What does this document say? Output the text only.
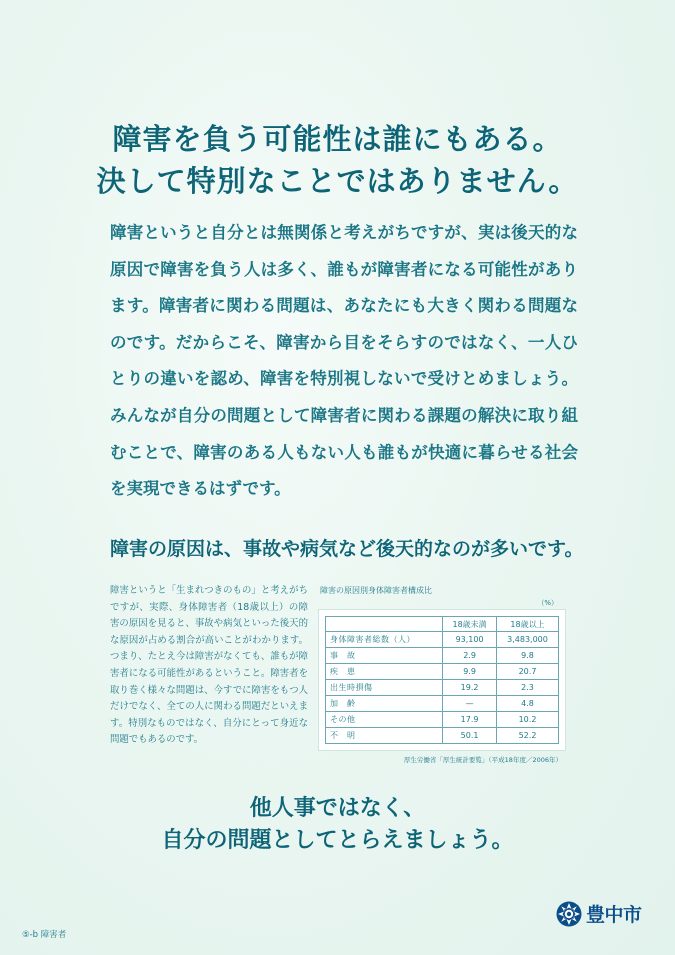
障害を負う可能性は誰にもある。
決して特別なことではありません。

障害というと自分とは無関係と考えがちですが、実は後天的な原因で障害を負う人は多く、誰もが障害者になる可能性があります。障害者に関わる問題は、あなたにも大きく関わる問題なのです。だからこそ、障害から目をそらすのではなく、一人ひとりの違いを認め、障害を特別視しないで受けとめましょう。みんなが自分の問題として障害者に関わる課題の解決に取り組むことで、障害のある人もない人も誰もが快適に暮らせる社会を実現できるはずです。

障害の原因は、事故や病気など後天的なのが多いです。

障害というと「生まれつきのもの」と考えがちですが、実際、身体障害者（18歳以上）の障害の原因を見ると、事故や病気といった後天的な原因が占める割合が高いことがわかります。つまり、たとえ今は障害がなくても、誰もが障害者になる可能性があるということ。障害者を取り巻く様々な問題は、今すでに障害をもつ人だけでなく、全ての人に関わる問題だといえます。特別なものではなく、自分にとって身近な問題でもあるのです。

障害の原因別身体障害者構成比
（%）
	18歳未満	18歳以上
身体障害者総数（人）	93,100	3,483,000
事　故	2.9	9.8
疾　患	9.9	20.7
出生時損傷	19.2	2.3
加　齢	—	4.8
その他	17.9	10.2
不　明	50.1	52.2
厚生労働省「厚生統計要覧」（平成18年度／2006年）
他人事ではなく、
自分の問題としてとらえましょう。
⑤-b 障害者
豊中市
